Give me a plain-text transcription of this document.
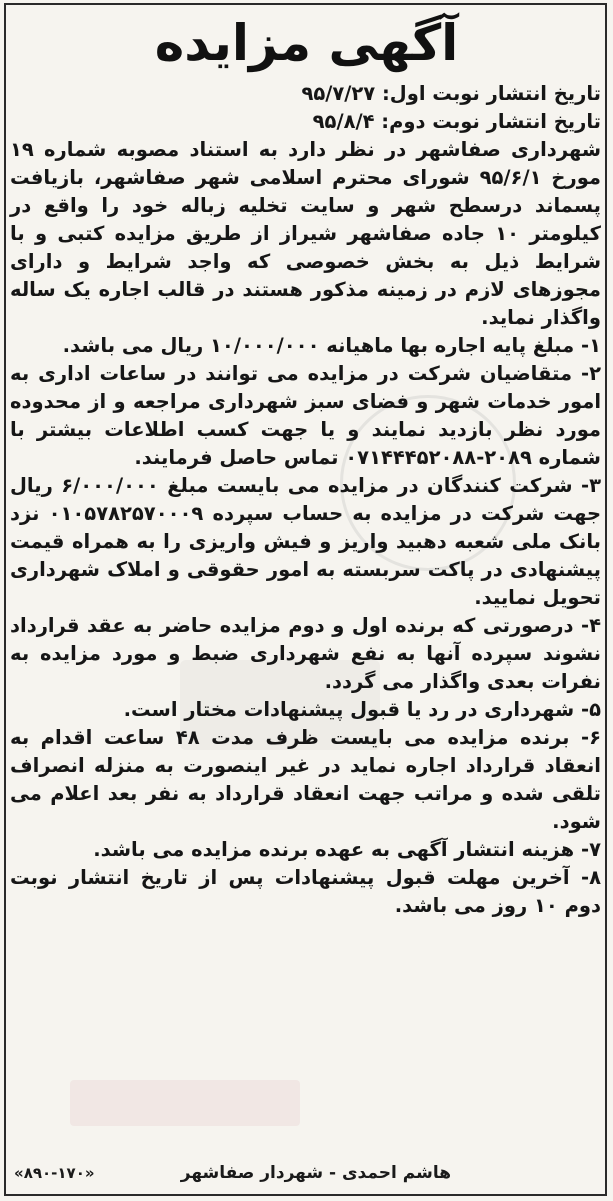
آگهی مزایده

تاریخ انتشار نوبت اول: ۹۵/۷/۲۷

تاریخ انتشار نوبت دوم: ۹۵/۸/۴

شهرداری صفاشهر در نظر دارد به استناد مصوبه شماره ۱۹ مورخ ۹۵/۶/۱ شورای محترم اسلامی شهر صفاشهر، بازیافت پسماند درسطح شهر و سایت تخلیه زباله خود را واقع در کیلومتر ۱۰ جاده صفاشهر شیراز از طریق مزایده کتبی و با شرایط ذیل به بخش خصوصی که واجد شرایط و دارای مجوزهای لازم در زمینه مذکور هستند در قالب اجاره یک ساله واگذار نماید.

۱- مبلغ پایه اجاره بها ماهیانه ۱۰/۰۰۰/۰۰۰ ریال می باشد.

۲- متقاضیان شرکت در مزایده می توانند در ساعات اداری به امور خدمات شهر و فضای سبز شهرداری مراجعه و از محدوده مورد نظر بازدید نمایند و یا جهت کسب اطلاعات بیشتر با شماره ۲۰۸۹-۰۷۱۴۴۴۵۲۰۸۸ تماس حاصل فرمایند.

۳- شرکت کنندگان در مزایده می بایست مبلغ ۶/۰۰۰/۰۰۰ ریال جهت شرکت در مزایده به حساب سپرده ۰۱۰۵۷۸۲۵۷۰۰۰۹ نزد بانک ملی شعبه دهبید واریز و فیش واریزی را به همراه قیمت پیشنهادی در پاکت سربسته به امور حقوقی و املاک شهرداری تحویل نمایید.

۴- درصورتی که برنده اول و دوم مزایده حاضر به عقد قرارداد نشوند سپرده آنها به نفع شهرداری ضبط و مورد مزایده به نفرات بعدی واگذار می گردد.

۵- شهرداری در رد یا قبول پیشنهادات مختار است.

۶- برنده مزایده می بایست ظرف مدت ۴۸ ساعت اقدام به انعقاد قرارداد اجاره نماید در غیر اینصورت به منزله انصراف تلقی شده و مراتب جهت انعقاد قرارداد به نفر بعد اعلام می شود.

۷- هزینه انتشار آگهی به عهده برنده مزایده می باشد.

۸- آخرین مهلت قبول پیشنهادات پس از تاریخ انتشار نوبت دوم ۱۰ روز می باشد.

هاشم احمدی - شهردار صفاشهر
«۸۹۰-۱۷۰»
